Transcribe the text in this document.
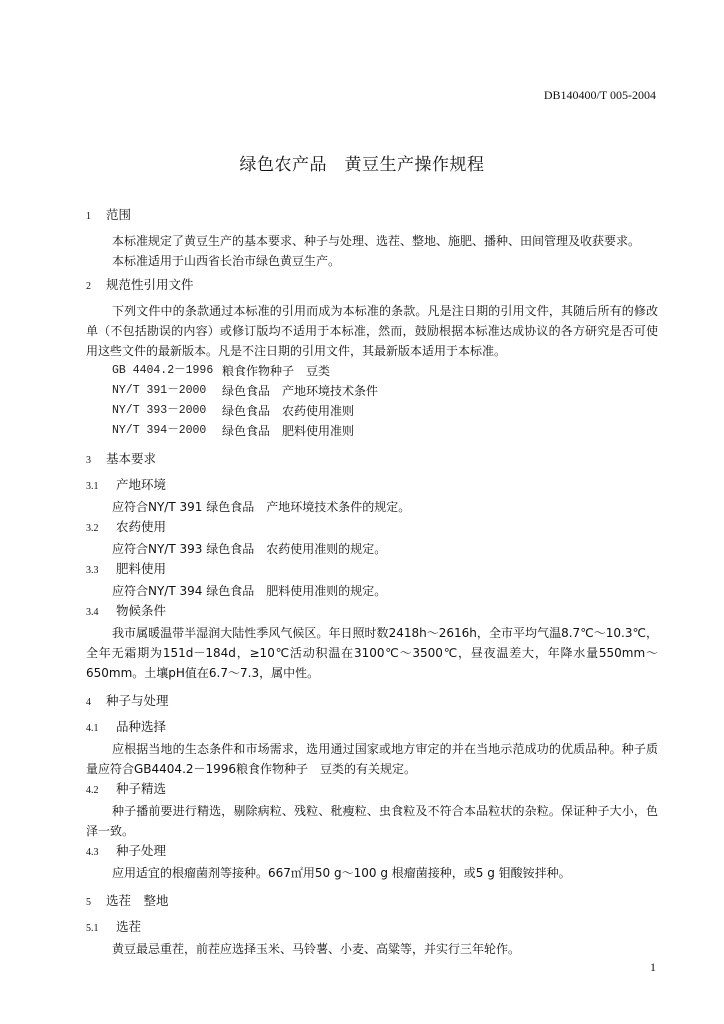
DB140400/T 005-2004
绿色农产品　黄豆生产操作规程
1	范围

本标准规定了黄豆生产的基本要求、种子与处理、选茬、整地、施肥、播种、田间管理及收获要求。

本标准适用于山西省长治市绿色黄豆生产。

2	规范性引用文件

下列文件中的条款通过本标准的引用而成为本标准的条款。凡是注日期的引用文件，其随后所有的修改单（不包括勘误的内容）或修订版均不适用于本标准，然而，鼓励根据本标准达成协议的各方研究是否可使用这些文件的最新版本。凡是不注日期的引用文件，其最新版本适用于本标准。

GB 4404.2－1996 粮食作物种子　豆类
NY/T 391－2000	绿色食品　产地环境技术条件
NY/T 393－2000	绿色食品　农药使用准则
NY/T 394－2000	绿色食品　肥料使用准则
3	基本要求
3.1	产地环境

应符合NY/T 391 绿色食品　产地环境技术条件的规定。

3.2	农药使用

应符合NY/T 393 绿色食品　农药使用准则的规定。

3.3	肥料使用

应符合NY/T 394 绿色食品　肥料使用准则的规定。

3.4	物候条件

我市属暖温带半湿润大陆性季风气候区。年日照时数2418h～2616h，全市平均气温8.7℃～10.3℃，全年无霜期为151d－184d，≥10℃活动积温在3100℃～3500℃，昼夜温差大，年降水量550mm～650mm。土壤pH值在6.7～7.3，属中性。

4	种子与处理
4.1	品种选择

应根据当地的生态条件和市场需求，选用通过国家或地方审定的并在当地示范成功的优质品种。种子质量应符合GB4404.2－1996粮食作物种子　豆类的有关规定。

4.2	种子精选

种子播前要进行精选，剔除病粒、残粒、秕瘦粒、虫食粒及不符合本品粒状的杂粒。保证种子大小，色泽一致。

4.3	种子处理

应用适宜的根瘤菌剂等接种。667㎡用50 g～100 g 根瘤菌接种，或5 g 钼酸铵拌种。

5	选茬　整地
5.1	选茬

黄豆最忌重茬，前茬应选择玉米、马铃薯、小麦、高粱等，并实行三年轮作。

1
